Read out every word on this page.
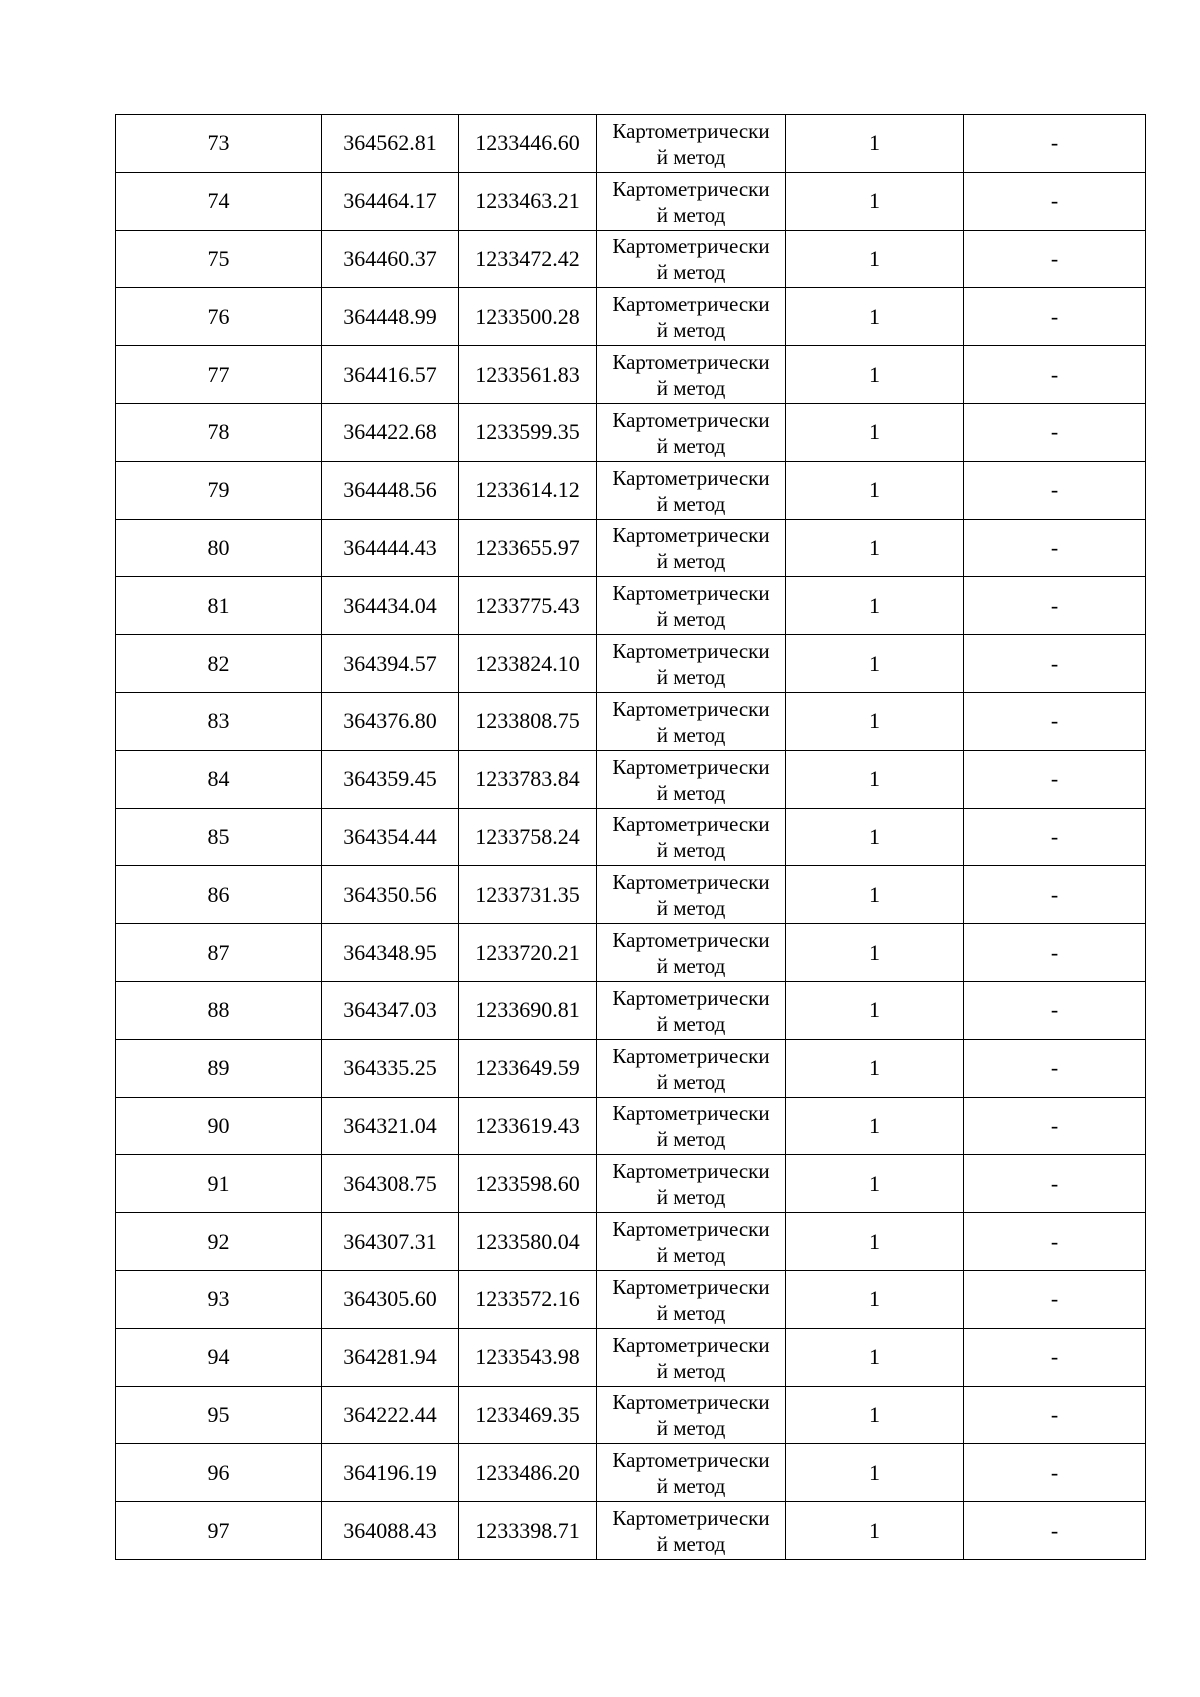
73	364562.81	1233446.60	Картометрически
й метод	1	-
74	364464.17	1233463.21	Картометрически
й метод	1	-
75	364460.37	1233472.42	Картометрически
й метод	1	-
76	364448.99	1233500.28	Картометрически
й метод	1	-
77	364416.57	1233561.83	Картометрически
й метод	1	-
78	364422.68	1233599.35	Картометрически
й метод	1	-
79	364448.56	1233614.12	Картометрически
й метод	1	-
80	364444.43	1233655.97	Картометрически
й метод	1	-
81	364434.04	1233775.43	Картометрически
й метод	1	-
82	364394.57	1233824.10	Картометрически
й метод	1	-
83	364376.80	1233808.75	Картометрически
й метод	1	-
84	364359.45	1233783.84	Картометрически
й метод	1	-
85	364354.44	1233758.24	Картометрически
й метод	1	-
86	364350.56	1233731.35	Картометрически
й метод	1	-
87	364348.95	1233720.21	Картометрически
й метод	1	-
88	364347.03	1233690.81	Картометрически
й метод	1	-
89	364335.25	1233649.59	Картометрически
й метод	1	-
90	364321.04	1233619.43	Картометрически
й метод	1	-
91	364308.75	1233598.60	Картометрически
й метод	1	-
92	364307.31	1233580.04	Картометрически
й метод	1	-
93	364305.60	1233572.16	Картометрически
й метод	1	-
94	364281.94	1233543.98	Картометрически
й метод	1	-
95	364222.44	1233469.35	Картометрически
й метод	1	-
96	364196.19	1233486.20	Картометрически
й метод	1	-
97	364088.43	1233398.71	Картометрически
й метод	1	-
